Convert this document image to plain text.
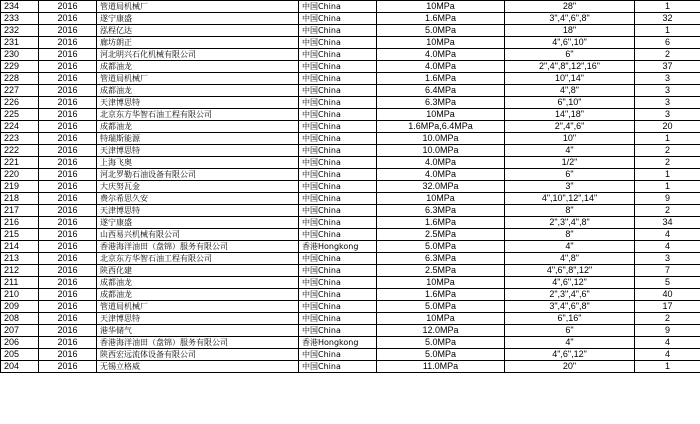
234	2016	管道局机械厂	中国China	10MPa	28"	1
233	2016	遂宁康盛	中国China	1.6MPa	3",4",6",8"	32
232	2016	泓程亿达	中国China	5.0MPa	18"	1
231	2016	廊坊朗正	中国China	10MPa	4",6",10"	6
230	2016	河北明兴石化机械有限公司	中国China	4.0MPa	6"	2
229	2016	成都油龙	中国China	4.0MPa	2",4",8",12",16"	37
228	2016	管道局机械厂	中国China	1.6MPa	10",14"	3
227	2016	成都油龙	中国China	6.4MPa	4",8"	3
226	2016	天津博思特	中国China	6.3MPa	6",10"	3
225	2016	北京东方华智石油工程有限公司	中国China	10MPa	14",18"	3
224	2016	成都油龙	中国China	1.6MPa,6.4MPa	2",4",6"	20
223	2016	特瑞斯能源	中国China	10.0MPa	10"	1
222	2016	天津博思特	中国China	10.0MPa	4"	2
221	2016	上海飞奥	中国China	4.0MPa	1/2"	2
220	2016	河北罗勒石油设备有限公司	中国China	4.0MPa	6"	1
219	2016	大庆努瓦金	中国China	32.0MPa	3"	1
218	2016	费尔希思久安	中国China	10MPa	4",10",12",14"	9
217	2016	天津博思特	中国China	6.3MPa	8"	2
216	2016	遂宁康盛	中国China	1.6MPa	2",3",4",8"	34
215	2016	山西易兴机械有限公司	中国China	2.5MPa	8"	4
214	2016	香港海洋油田（盘锦）服务有限公司	香港Hongkong	5.0MPa	4"	4
213	2016	北京东方华智石油工程有限公司	中国China	6.3MPa	4",8"	3
212	2016	陕西化建	中国China	2.5MPa	4",6",8",12"	7
211	2016	成都油龙	中国China	10MPa	4",6",12"	5
210	2016	成都油龙	中国China	1.6MPa	2",3",4",6"	40
209	2016	管道局机械厂	中国China	5.0MPa	3",4",6",8"	17
208	2016	天津博思特	中国China	10MPa	6",16"	2
207	2016	港华储气	中国China	12.0MPa	6"	9
206	2016	香港海洋油田（盘锦）服务有限公司	香港Hongkong	5.0MPa	4"	4
205	2016	陕西宏远流体设备有限公司	中国China	5.0MPa	4",6",12"	4
204	2016	无锡立格威	中国China	11.0MPa	20"	1
